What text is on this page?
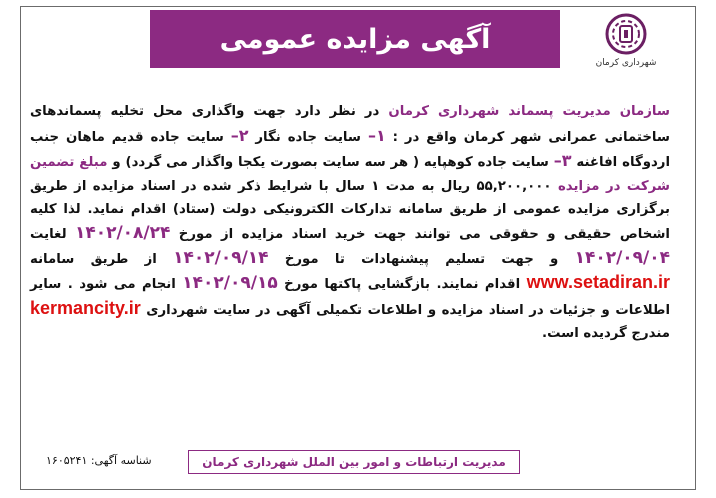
شهرداری کرمان
آگهی مزایده عمومی
سازمان مدیریت پسماند شهرداری کرمان در نظر دارد جهت واگذاری محل تخلیه پسماندهای ساختمانی عمرانی شهر کرمان واقع در : ۱– سایت جاده نگار ۲– سایت جاده قدیم ماهان جنب اردوگاه افاغنه ۳– سایت جاده کوهپایه ( هر سه سایت بصورت یکجا واگذار می گردد) و مبلغ تضمین شرکت در مزایده ۵۵,۲۰۰,۰۰۰ ریال به مدت ۱ سال با شرایط ذکر شده در اسناد مزایده از طریق برگزاری مزایده عمومی از طریق سامانه تدارکات الکترونیکی دولت (ستاد) اقدام نماید. لذا کلیه اشخاص حقیقی و حقوقی می توانند جهت خرید اسناد مزایده از مورخ ۱۴۰۲/۰۸/۲۴ لغایت ۱۴۰۲/۰۹/۰۴ و جهت تسلیم پیشنهادات تا مورخ ۱۴۰۲/۰۹/۱۴ از طریق سامانه www.setadiran.ir اقدام نمایند. بازگشایی پاکتها مورخ ۱۴۰۲/۰۹/۱۵ انجام می شود . سایر اطلاعات و جزئیات در اسناد مزایده و اطلاعات تکمیلی آگهی در سایت شهرداری kermancity.ir مندرج گردیده است.
شناسه آگهی: ۱۶۰۵۲۴۱	مدیریت ارتباطات و امور بین الملل شهرداری کرمان
